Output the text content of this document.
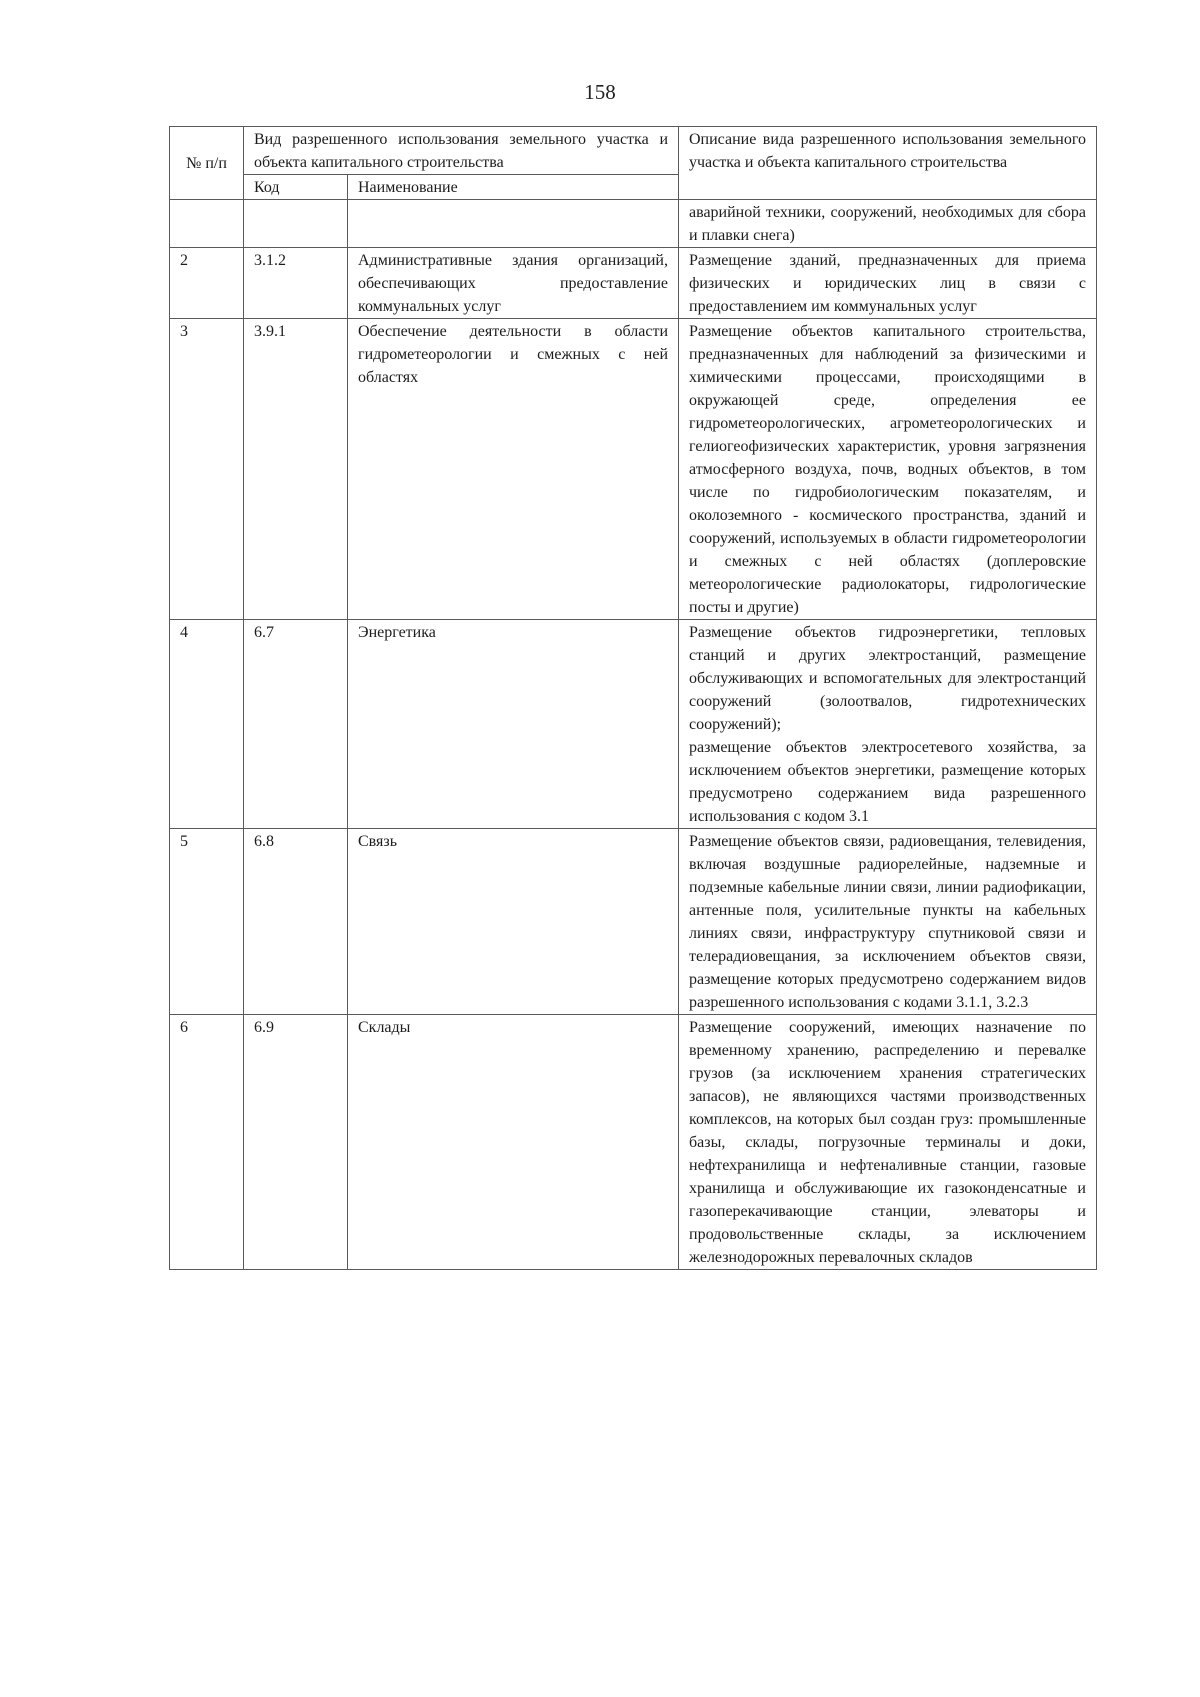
158
№ п/п	Вид разрешенного использования земельного участка и объекта капитального строительства		Описание вида разрешенного использования земельного участка и объекта капитального строительства
	Код	Наименование	
			аварийной техники, сооружений, необходимых для сбора и плавки снега)
2	3.1.2	Административные здания организаций, обеспечивающих предоставление коммунальных услуг	Размещение зданий, предназначенных для приема физических и юридических лиц в связи с предоставлением им коммунальных услуг
3	3.9.1	Обеспечение деятельности в области гидрометеорологии и смежных с ней областях	Размещение объектов капитального строительства, предназначенных для наблюдений за физическими и химическими процессами, происходящими в окружающей среде, определения ее гидрометеорологических, агрометеорологических и гелиогеофизических характеристик, уровня загрязнения атмосферного воздуха, почв, водных объектов, в том числе по гидробиологическим показателям, и околоземного - космического пространства, зданий и сооружений, используемых в области гидрометеорологии и смежных с ней областях (доплеровские метеорологические радиолокаторы, гидрологические посты и другие)
4	6.7	Энергетика	Размещение объектов гидроэнергетики, тепловых станций и других электростанций, размещение обслуживающих и вспомогательных для электростанций сооружений (золоотвалов, гидротехнических сооружений);
размещение объектов электросетевого хозяйства, за исключением объектов энергетики, размещение которых предусмотрено содержанием вида разрешенного использования с кодом 3.1

5	6.8	Связь	Размещение объектов связи, радиовещания, телевидения, включая воздушные радиорелейные, надземные и подземные кабельные линии связи, линии радиофикации, антенные поля, усилительные пункты на кабельных линиях связи, инфраструктуру спутниковой связи и телерадиовещания, за исключением объектов связи, размещение которых предусмотрено содержанием видов разрешенного использования с кодами 3.1.1, 3.2.3
6	6.9	Склады	Размещение сооружений, имеющих назначение по временному хранению, распределению и перевалке грузов (за исключением хранения стратегических запасов), не являющихся частями производственных комплексов, на которых был создан груз: промышленные базы, склады, погрузочные терминалы и доки, нефтехранилища и нефтеналивные станции, газовые хранилища и обслуживающие их газоконденсатные и газоперекачивающие станции, элеваторы и продовольственные склады, за исключением железнодорожных перевалочных складов
